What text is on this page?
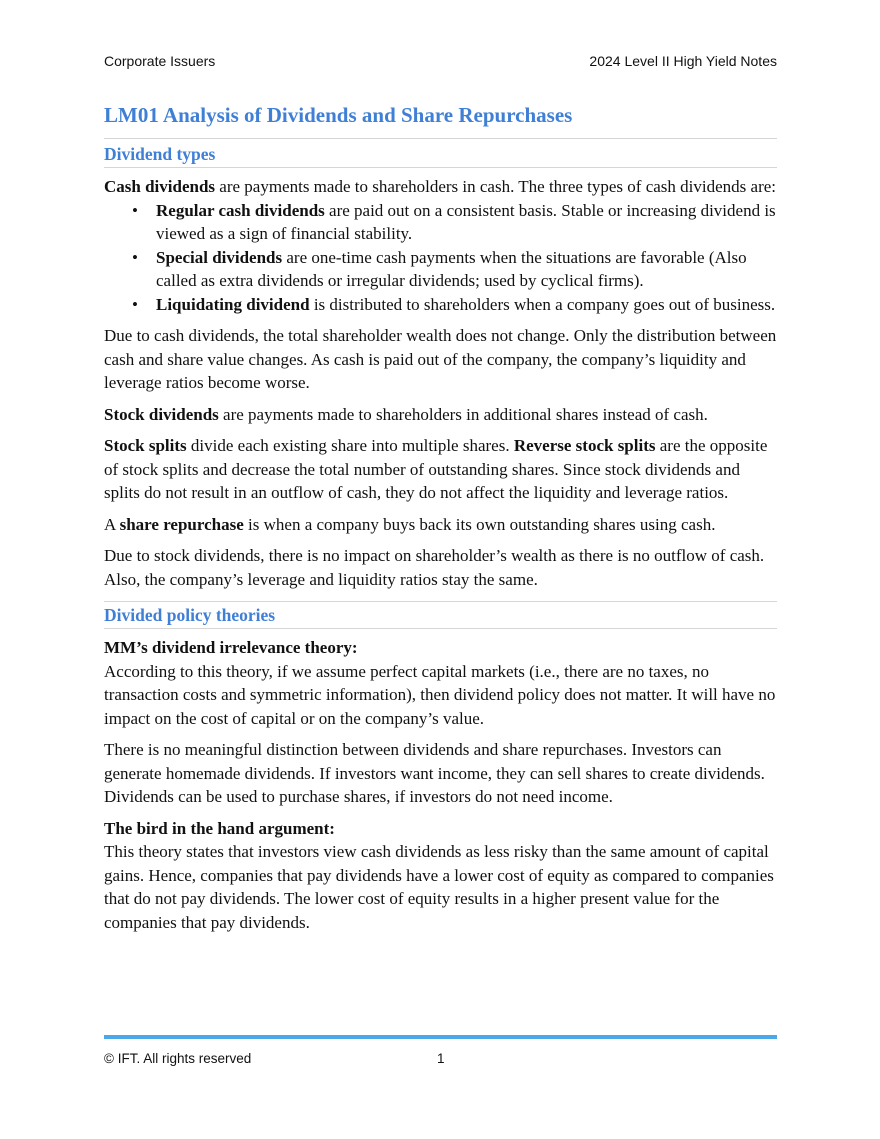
Corporate Issuers	2024 Level II High Yield Notes
LM01 Analysis of Dividends and Share Repurchases
Dividend types

Cash dividends are payments made to shareholders in cash. The three types of cash dividends are:

• Regular cash dividends are paid out on a consistent basis. Stable or increasing dividend is viewed as a sign of financial stability.
• Special dividends are one-time cash payments when the situations are favorable (Also called as extra dividends or irregular dividends; used by cyclical firms).
• Liquidating dividend is distributed to shareholders when a company goes out of business.

Due to cash dividends, the total shareholder wealth does not change. Only the distribution between cash and share value changes. As cash is paid out of the company, the company’s liquidity and leverage ratios become worse.

Stock dividends are payments made to shareholders in additional shares instead of cash.

Stock splits divide each existing share into multiple shares. Reverse stock splits are the opposite of stock splits and decrease the total number of outstanding shares. Since stock dividends and splits do not result in an outflow of cash, they do not affect the liquidity and leverage ratios.

A share repurchase is when a company buys back its own outstanding shares using cash.

Due to stock dividends, there is no impact on shareholder’s wealth as there is no outflow of cash. Also, the company’s leverage and liquidity ratios stay the same.

Divided policy theories

MM’s dividend irrelevance theory:

According to this theory, if we assume perfect capital markets (i.e., there are no taxes, no transaction costs and symmetric information), then dividend policy does not matter. It will have no impact on the cost of capital or on the company’s value.

There is no meaningful distinction between dividends and share repurchases. Investors can generate homemade dividends. If investors want income, they can sell shares to create dividends. Dividends can be used to purchase shares, if investors do not need income.

The bird in the hand argument:

This theory states that investors view cash dividends as less risky than the same amount of capital gains. Hence, companies that pay dividends have a lower cost of equity as compared to companies that do not pay dividends. The lower cost of equity results in a higher present value for the companies that pay dividends.

© IFT. All rights reserved	1
